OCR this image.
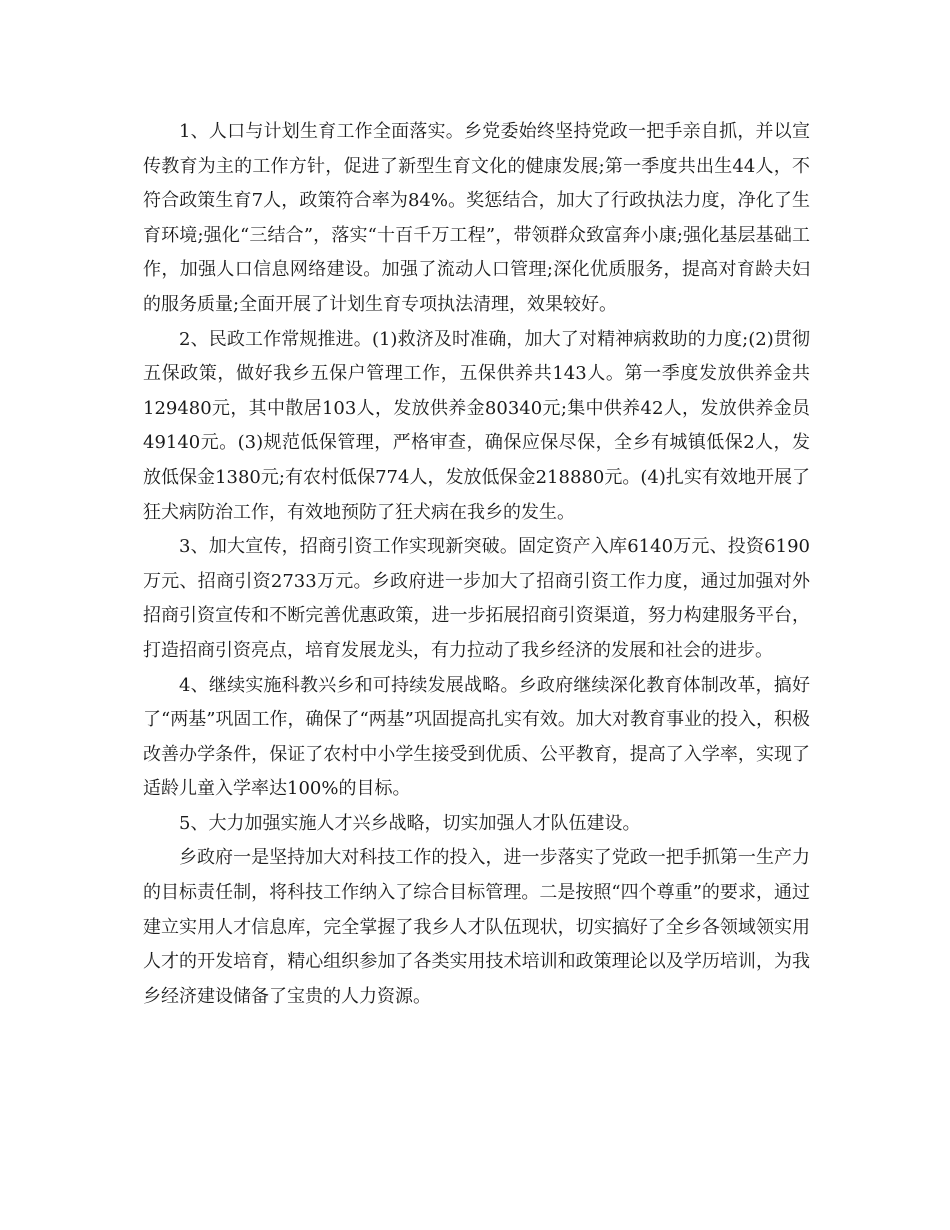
1、人口与计划生育工作全面落实。乡党委始终坚持党政一把手亲自抓，并以宣传教育为主的工作方针，促进了新型生育文化的健康发展;第一季度共出生44人，不符合政策生育7人，政策符合率为84%。奖惩结合，加大了行政执法力度，净化了生育环境;强化“三结合”，落实“十百千万工程”，带领群众致富奔小康;强化基层基础工作，加强人口信息网络建设。加强了流动人口管理;深化优质服务，提高对育龄夫妇的服务质量;全面开展了计划生育专项执法清理，效果较好。

2、民政工作常规推进。(1)救济及时准确，加大了对精神病救助的力度;(2)贯彻五保政策，做好我乡五保户管理工作，五保供养共143人。第一季度发放供养金共129480元，其中散居103人，发放供养金80340元;集中供养42人，发放供养金员49140元。(3)规范低保管理，严格审查，确保应保尽保，全乡有城镇低保2人，发放低保金1380元;有农村低保774人，发放低保金218880元。(4)扎实有效地开展了狂犬病防治工作，有效地预防了狂犬病在我乡的发生。

3、加大宣传，招商引资工作实现新突破。固定资产入库6140万元、投资6190万元、招商引资2733万元。乡政府进一步加大了招商引资工作力度，通过加强对外招商引资宣传和不断完善优惠政策，进一步拓展招商引资渠道，努力构建服务平台，打造招商引资亮点，培育发展龙头，有力拉动了我乡经济的发展和社会的进步。

4、继续实施科教兴乡和可持续发展战略。乡政府继续深化教育体制改革，搞好了“两基”巩固工作，确保了“两基”巩固提高扎实有效。加大对教育事业的投入，积极改善办学条件，保证了农村中小学生接受到优质、公平教育，提高了入学率，实现了适龄儿童入学率达100%的目标。

5、大力加强实施人才兴乡战略，切实加强人才队伍建设。

乡政府一是坚持加大对科技工作的投入，进一步落实了党政一把手抓第一生产力的目标责任制，将科技工作纳入了综合目标管理。二是按照“四个尊重”的要求，通过建立实用人才信息库，完全掌握了我乡人才队伍现状，切实搞好了全乡各领域领实用人才的开发培育，精心组织参加了各类实用技术培训和政策理论以及学历培训，为我乡经济建设储备了宝贵的人力资源。
